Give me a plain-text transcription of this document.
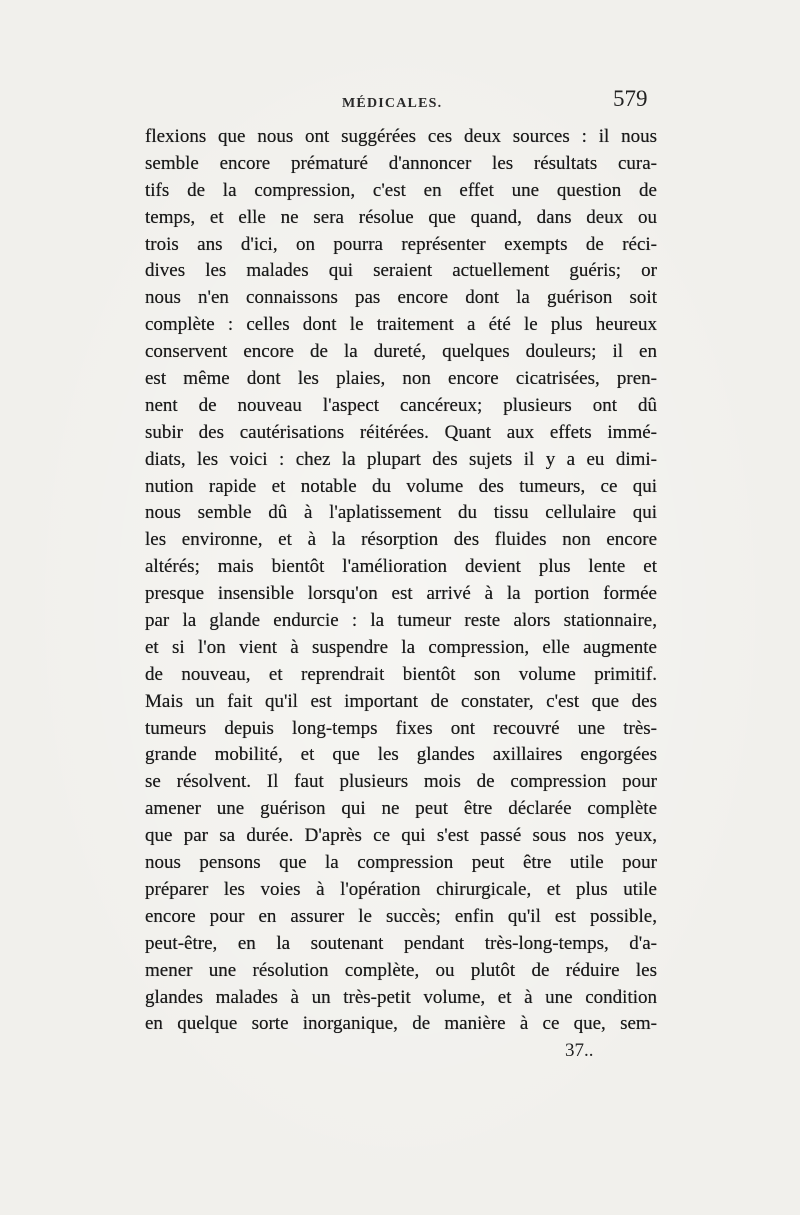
MÉDICALES.	579
flexions que nous ont suggérées ces deux sources : il nous
semble encore prématuré d'annoncer les résultats cura-
tifs de la compression, c'est en effet une question de
temps, et elle ne sera résolue que quand, dans deux ou
trois ans d'ici, on pourra représenter exempts de réci-
dives les malades qui seraient actuellement guéris; or
nous n'en connaissons pas encore dont la guérison soit
complète : celles dont le traitement a été le plus heureux
conservent encore de la dureté, quelques douleurs; il en
est même dont les plaies, non encore cicatrisées, pren-
nent de nouveau l'aspect cancéreux; plusieurs ont dû
subir des cautérisations réitérées. Quant aux effets immé-
diats, les voici : chez la plupart des sujets il y a eu dimi-
nution rapide et notable du volume des tumeurs, ce qui
nous semble dû à l'aplatissement du tissu cellulaire qui
les environne, et à la résorption des fluides non encore
altérés; mais bientôt l'amélioration devient plus lente et
presque insensible lorsqu'on est arrivé à la portion formée
par la glande endurcie : la tumeur reste alors stationnaire,
et si l'on vient à suspendre la compression, elle augmente
de nouveau, et reprendrait bientôt son volume primitif.
Mais un fait qu'il est important de constater, c'est que des
tumeurs depuis long-temps fixes ont recouvré une très-
grande mobilité, et que les glandes axillaires engorgées
se résolvent. Il faut plusieurs mois de compression pour
amener une guérison qui ne peut être déclarée complète
que par sa durée. D'après ce qui s'est passé sous nos yeux,
nous pensons que la compression peut être utile pour
préparer les voies à l'opération chirurgicale, et plus utile
encore pour en assurer le succès; enfin qu'il est possible,
peut-être, en la soutenant pendant très-long-temps, d'a-
mener une résolution complète, ou plutôt de réduire les
glandes malades à un très-petit volume, et à une condition
en quelque sorte inorganique, de manière à ce que, sem-
37..
